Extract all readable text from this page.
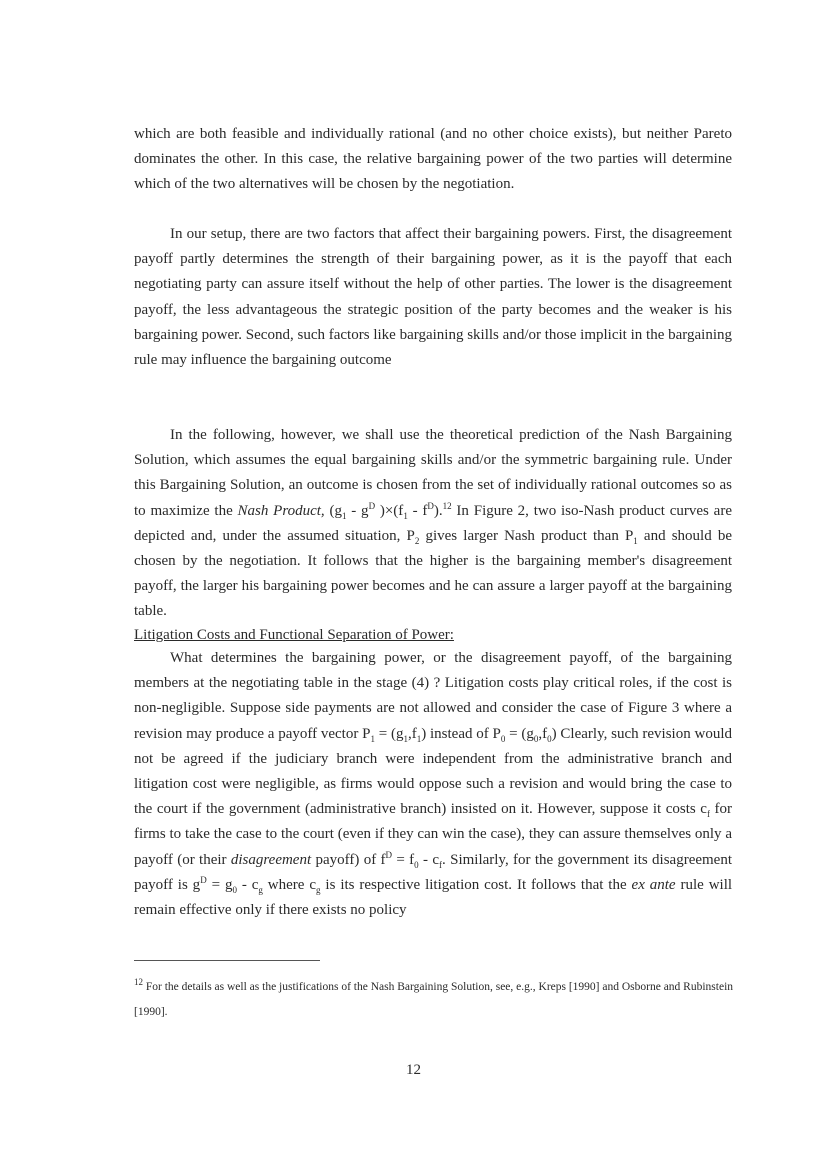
which are both feasible and individually rational (and no other choice exists), but neither Pareto dominates the other. In this case, the relative bargaining power of the two parties will determine which of the two alternatives will be chosen by the negotiation.

In our setup, there are two factors that affect their bargaining powers. First, the disagreement payoff partly determines the strength of their bargaining power, as it is the payoff that each negotiating party can assure itself without the help of other parties. The lower is the disagreement payoff, the less advantageous the strategic position of the party becomes and the weaker is his bargaining power. Second, such factors like bargaining skills and/or those implicit in the bargaining rule may influence the bargaining outcome

In the following, however, we shall use the theoretical prediction of the Nash Bargaining Solution, which assumes the equal bargaining skills and/or the symmetric bargaining rule. Under this Bargaining Solution, an outcome is chosen from the set of individually rational outcomes so as to maximize the Nash Product, ($g_1 - g^D$ )$\times(f_1 - f^D).^{12}$ In Figure 2, two iso-Nash product curves are depicted and, under the assumed situation, $P_2$ gives larger Nash product than $P_1$ and should be chosen by the negotiation. It follows that the higher is the bargaining member's disagreement payoff, the larger his bargaining power becomes and he can assure a larger payoff at the bargaining table.

Litigation Costs and Functional Separation of Power:

What determines the bargaining power, or the disagreement payoff, of the bargaining members at the negotiating table in the stage (4) ? Litigation costs play critical roles, if the cost is non-negligible. Suppose side payments are not allowed and consider the case of Figure 3 where a revision may produce a payoff vector $P_1 = (g_1,f_1)$ instead of $P_0 = (g_0,f_0)$ Clearly, such revision would not be agreed if the judiciary branch were independent from the administrative branch and litigation cost were negligible, as firms would oppose such a revision and would bring the case to the court if the government (administrative branch) insisted on it. However, suppose it costs $c_f$ for firms to take the case to the court (even if they can win the case), they can assure themselves only a payoff (or their disagreement payoff) of $f^D = f_0 - c_f$. Similarly, for the government its disagreement payoff is $g^D = g_0 - c_g$ where $c_g$ is its respective litigation cost. It follows that the ex ante rule will remain effective only if there exists no policy

$^{12}$ For the details as well as the justifications of the Nash Bargaining Solution, see, e.g., Kreps [1990] and Osborne and Rubinstein [1990].

12
